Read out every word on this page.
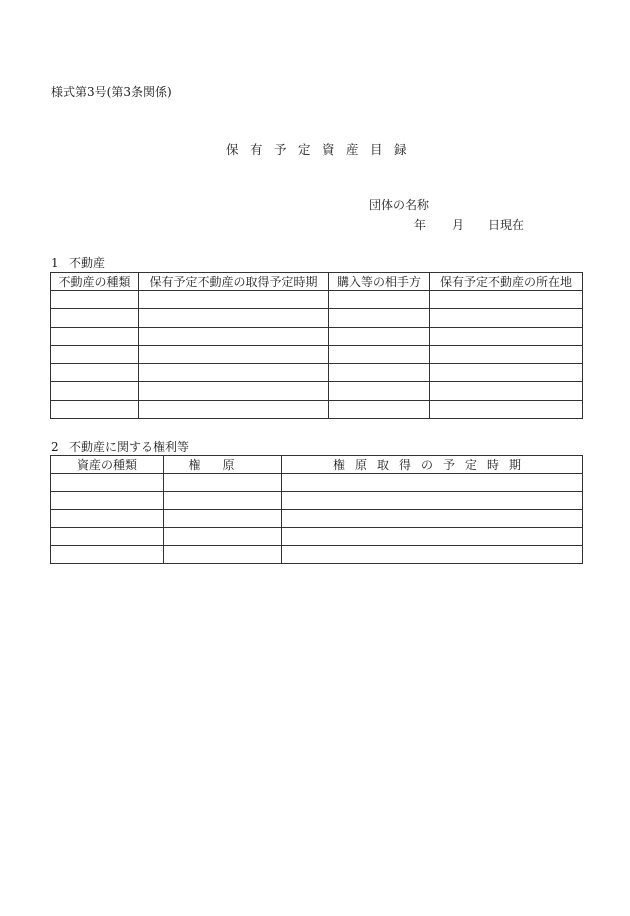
様式第3号(第3条関係)
保有予定資産目録
団体の名称
年 月 日現在
1 不動産
不動産の種類	保有予定不動産の取得予定時期	購入等の相手方	保有予定不動産の所在地

2 不動産に関する権利等
資産の種類	権原	権原取得の予定時期
